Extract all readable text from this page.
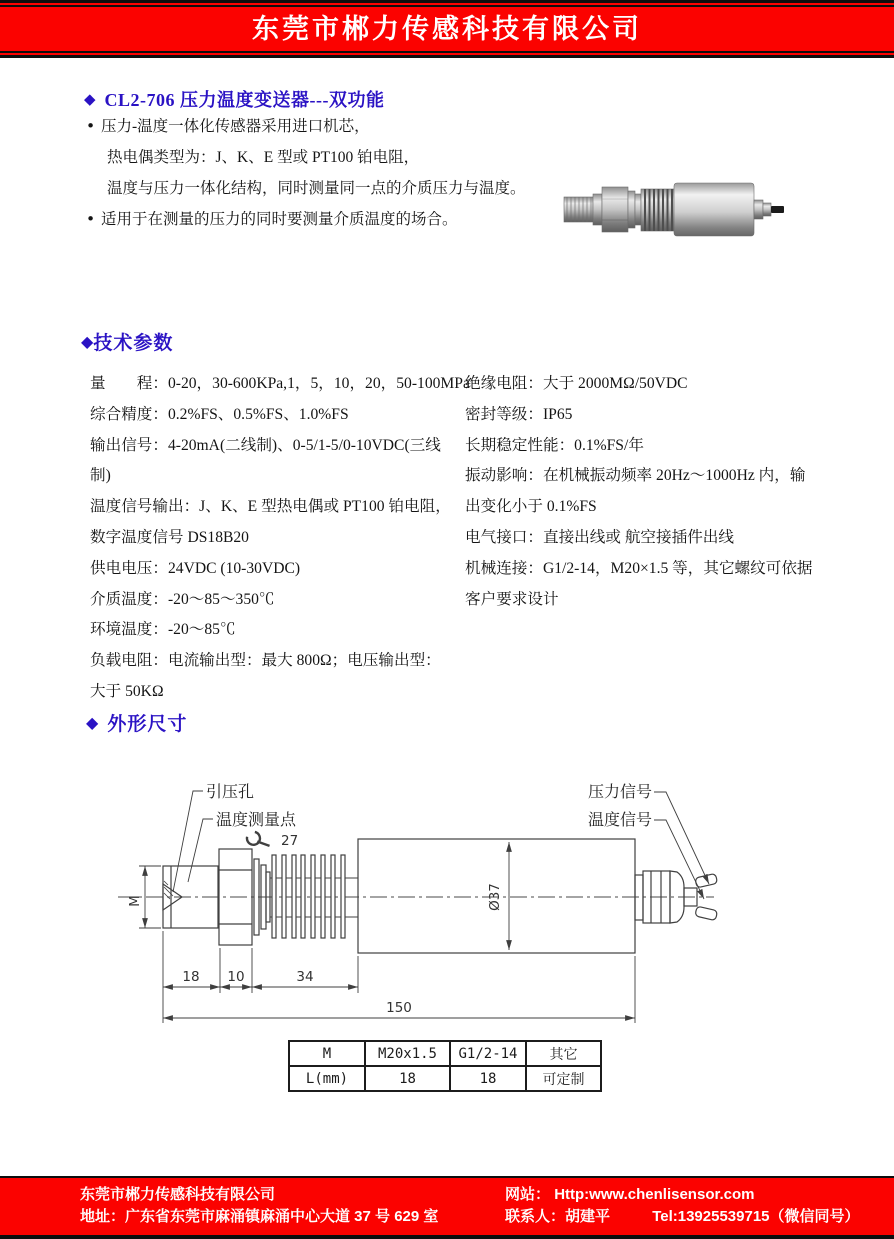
东莞市郴力传感科技有限公司
◆ CL2-706 压力温度变送器---双功能
• 压力-温度一体化传感器采用进口机芯，
热电偶类型为：J、K、E 型或 PT100 铂电阻，
温度与压力一体化结构，同时测量同一点的介质压力与温度。
• 适用于在测量的压力的同时要测量介质温度的场合。
◆ 技术参数
量　　程：0-20，30-600KPa,1，5，10，20，50-100MPa
综合精度：0.2%FS、0.5%FS、1.0%FS
输出信号：4-20mA(二线制)、0-5/1-5/0-10VDC(三线
制)
温度信号输出：J、K、E 型热电偶或 PT100 铂电阻，
数字温度信号 DS18B20
供电电压：24VDC (10-30VDC)
介质温度：-20～85～350℃
环境温度：-20～85℃
负载电阻：电流输出型：最大 800Ω；电压输出型：
大于 50KΩ
绝缘电阻：大于 2000MΩ/50VDC
密封等级：IP65
长期稳定性能：0.1%FS/年
振动影响：在机械振动频率 20Hz～1000Hz 内，输
出变化小于 0.1%FS
电气接口：直接出线或 航空接插件出线
机械连接：G1/2-14，M20×1.5 等，其它螺纹可依据
客户要求设计
◆ 外形尺寸
引压孔
温度测量点
27
M	Ø37
18 10	34
150
压力信号
温度信号
M	M20x1.5	G1/2-14	其它
L(mm)	18	18	可定制
东莞市郴力传感科技有限公司
地址：广东省东莞市麻涌镇麻涌中心大道 37 号 629 室
网站： Http:www.chenlisensor.com
联系人：胡建平	Tel:13925539715（微信同号）
